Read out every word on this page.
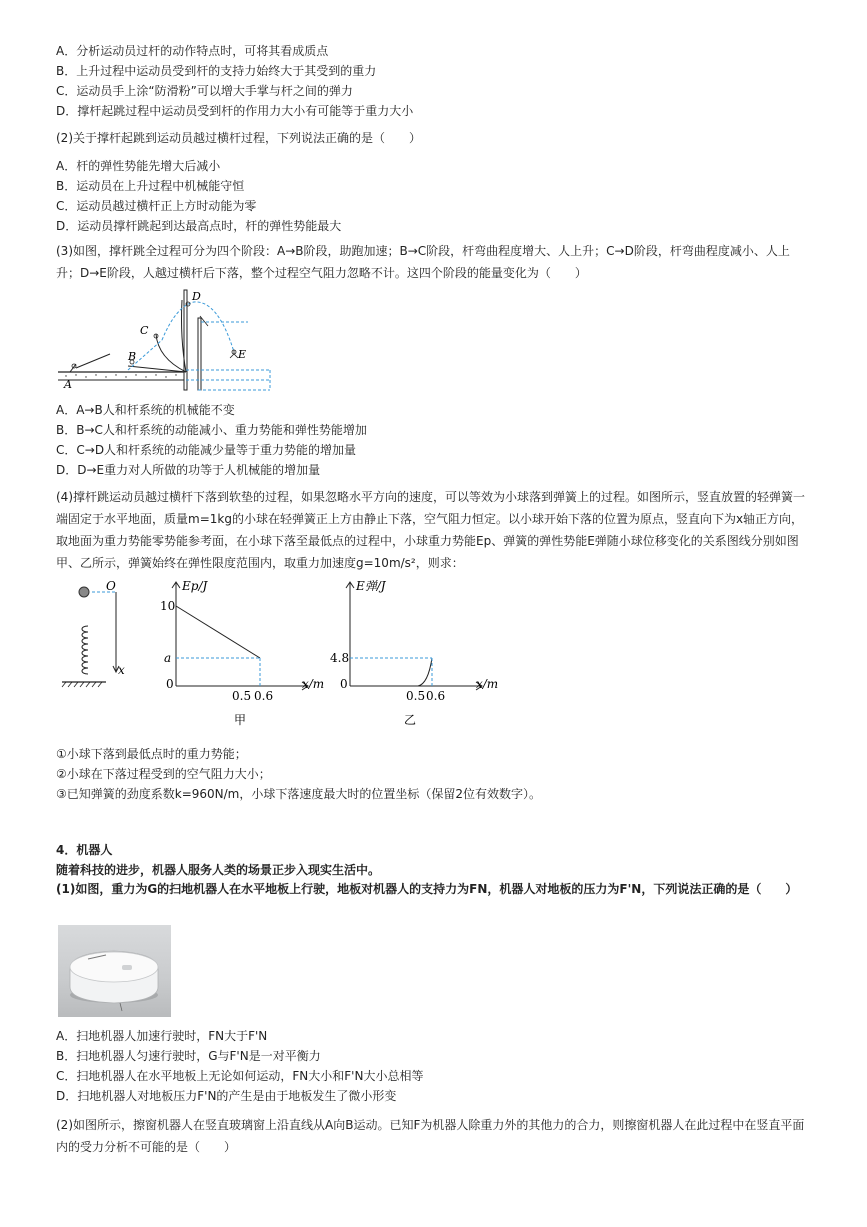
A．分析运动员过杆的动作特点时，可将其看成质点
B．上升过程中运动员受到杆的支持力始终大于其受到的重力
C．运动员手上涂“防滑粉”可以增大手掌与杆之间的弹力
D．撑杆起跳过程中运动员受到杆的作用力大小有可能等于重力大小
(2)关于撑杆起跳到运动员越过横杆过程，下列说法正确的是（　　）
A．杆的弹性势能先增大后减小
B．运动员在上升过程中机械能守恒
C．运动员越过横杆正上方时动能为零
D．运动员撑杆跳起到达最高点时，杆的弹性势能最大
(3)如图，撑杆跳全过程可分为四个阶段：A→B阶段，助跑加速；B→C阶段，杆弯曲程度增大、人上升；C→D阶段，杆弯曲程度减小、人上升；D→E阶段，人越过横杆后下落，整个过程空气阻力忽略不计。这四个阶段的能量变化为（　　）
A
B
C
D
E
A．A→B人和杆系统的机械能不变
B．B→C人和杆系统的动能减小、重力势能和弹性势能增加
C．C→D人和杆系统的动能减少量等于重力势能的增加量
D．D→E重力对人所做的功等于人机械能的增加量
(4)撑杆跳运动员越过横杆下落到软垫的过程，如果忽略水平方向的速度，可以等效为小球落到弹簧上的过程。如图所示，竖直放置的轻弹簧一端固定于水平地面，质量m=1kg的小球在轻弹簧正上方由静止下落，空气阻力恒定。以小球开始下落的位置为原点，竖直向下为x轴正方向，取地面为重力势能零势能参考面，在小球下落至最低点的过程中，小球重力势能Ep、弹簧的弹性势能E弹随小球位移变化的关系图线分别如图甲、乙所示，弹簧始终在弹性限度范围内，取重力加速度g=10m/s²，则求：
O
x
Ep/J
x/m
10
a
0
0.5 0.6
甲
E弹/J
x/m
4.8
0
0.5 0.6
乙
①小球下落到最低点时的重力势能；
②小球在下落过程受到的空气阻力大小；
③已知弹簧的劲度系数k=960N/m，小球下落速度最大时的位置坐标（保留2位有效数字）。
4．机器人
随着科技的进步，机器人服务人类的场景正步入现实生活中。
(1)如图，重力为G的扫地机器人在水平地板上行驶，地板对机器人的支持力为FN，机器人对地板的压力为F'N，下列说法正确的是（　　）
A．扫地机器人加速行驶时，FN大于F'N
B．扫地机器人匀速行驶时，G与F'N是一对平衡力
C．扫地机器人在水平地板上无论如何运动，FN大小和F'N大小总相等
D．扫地机器人对地板压力F'N的产生是由于地板发生了微小形变
(2)如图所示，擦窗机器人在竖直玻璃窗上沿直线从A向B运动。已知F为机器人除重力外的其他力的合力，则擦窗机器人在此过程中在竖直平面内的受力分析不可能的是（　　）
